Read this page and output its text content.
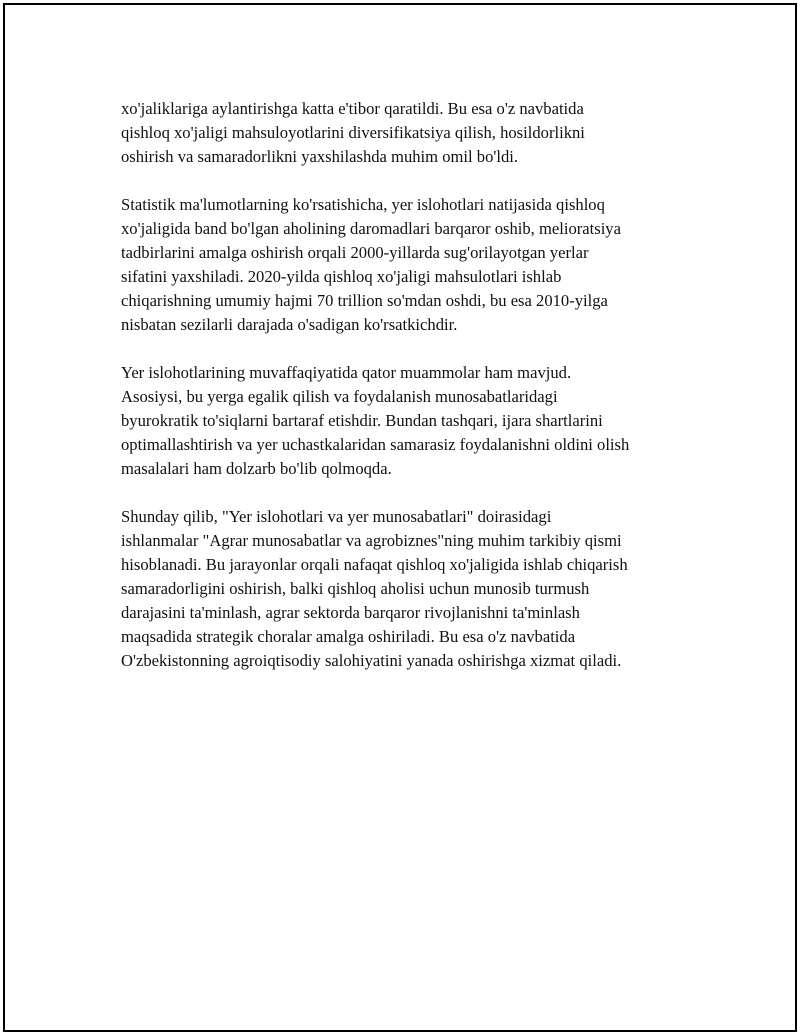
xo'jaliklariga aylantirishga katta e'tibor qaratildi. Bu esa o'z navbatida
qishloq xo'jaligi mahsuloyotlarini diversifikatsiya qilish, hosildorlikni
oshirish va samaradorlikni yaxshilashda muhim omil bo'ldi.

Statistik ma'lumotlarning ko'rsatishicha, yer islohotlari natijasida qishloq
xo'jaligida band bo'lgan aholining daromadlari barqaror oshib, melioratsiya
tadbirlarini amalga oshirish orqali 2000-yillarda sug'orilayotgan yerlar
sifatini yaxshiladi. 2020-yilda qishloq xo'jaligi mahsulotlari ishlab
chiqarishning umumiy hajmi 70 trillion so'mdan oshdi, bu esa 2010-yilga
nisbatan sezilarli darajada o'sadigan ko'rsatkichdir.

Yer islohotlarining muvaffaqiyatida qator muammolar ham mavjud.
Asosiysi, bu yerga egalik qilish va foydalanish munosabatlaridagi
byurokratik to'siqlarni bartaraf etishdir. Bundan tashqari, ijara shartlarini
optimallashtirish va yer uchastkalaridan samarasiz foydalanishni oldini olish
masalalari ham dolzarb bo'lib qolmoqda.

Shunday qilib, "Yer islohotlari va yer munosabatlari" doirasidagi
ishlanmalar "Agrar munosabatlar va agrobiznes"ning muhim tarkibiy qismi
hisoblanadi. Bu jarayonlar orqali nafaqat qishloq xo'jaligida ishlab chiqarish
samaradorligini oshirish, balki qishloq aholisi uchun munosib turmush
darajasini ta'minlash, agrar sektorda barqaror rivojlanishni ta'minlash
maqsadida strategik choralar amalga oshiriladi. Bu esa o'z navbatida
O'zbekistonning agroiqtisodiy salohiyatini yanada oshirishga xizmat qiladi.
